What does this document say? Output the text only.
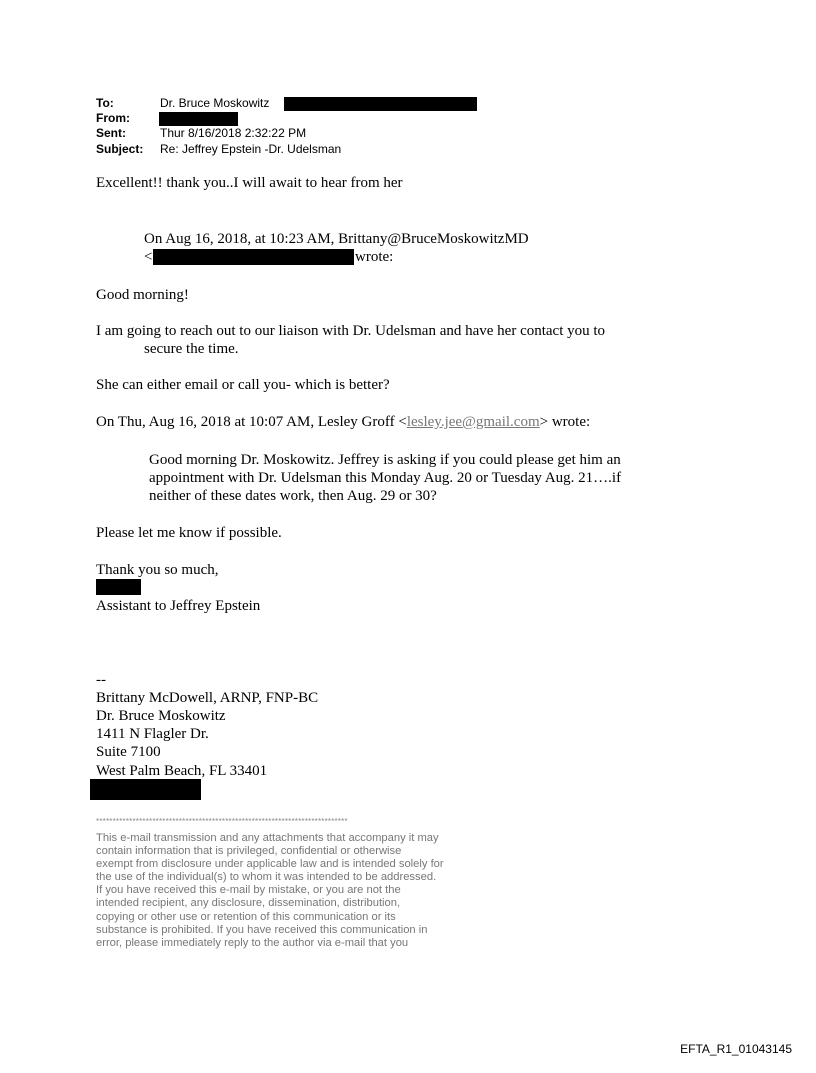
To:	Dr. Bruce Moskowitz
From:
Sent:	Thur 8/16/2018 2:32:22 PM
Subject: Re: Jeffrey Epstein -Dr. Udelsman
Excellent!! thank you..I will await to hear from her
On Aug 16, 2018, at 10:23 AM, Brittany@BruceMoskowitzMD
<	wrote:
Good morning!
I am going to reach out to our liaison with Dr. Udelsman and have her contact you to
secure the time.
She can either email or call you- which is better?
On Thu, Aug 16, 2018 at 10:07 AM, Lesley Groff <lesley.jee@gmail.com> wrote:
Good morning Dr. Moskowitz. Jeffrey is asking if you could please get him an
appointment with Dr. Udelsman this Monday Aug. 20 or Tuesday Aug. 21….if
neither of these dates work, then Aug. 29 or 30?
Please let me know if possible.
Thank you so much,
Assistant to Jeffrey Epstein
--
Brittany McDowell, ARNP, FNP-BC
Dr. Bruce Moskowitz
1411 N Flagler Dr.
Suite 7100
West Palm Beach, FL 33401
****************************************************************************
This e-mail transmission and any attachments that accompany it may
contain information that is privileged, confidential or otherwise
exempt from disclosure under applicable law and is intended solely for
the use of the individual(s) to whom it was intended to be addressed.
If you have received this e-mail by mistake, or you are not the
intended recipient, any disclosure, dissemination, distribution,
copying or other use or retention of this communication or its
substance is prohibited. If you have received this communication in
error, please immediately reply to the author via e-mail that you
EFTA_R1_01043145
